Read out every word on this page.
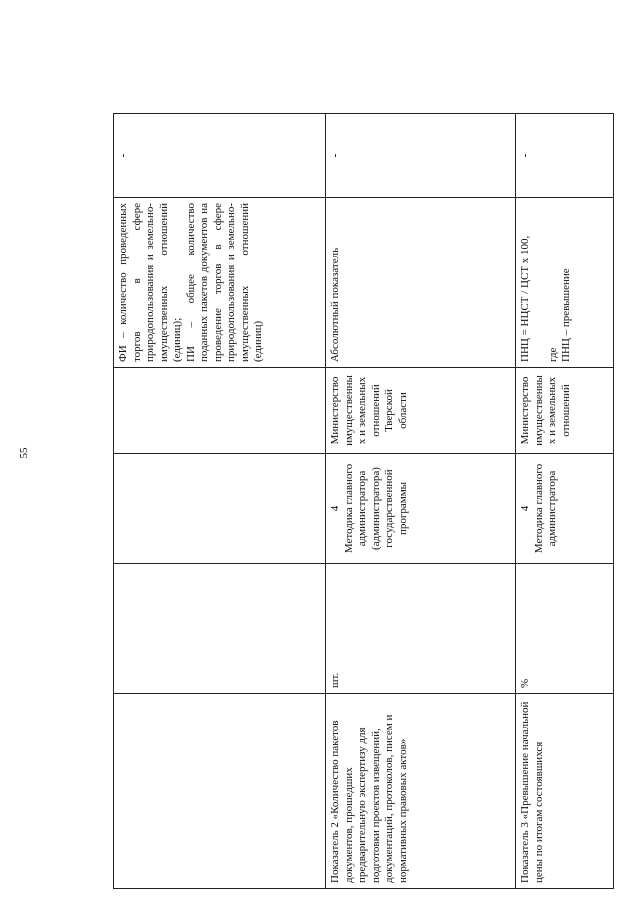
55

				ФИ – количество проведенных торгов в сфере природопользования и земельно-имущественных отношений (единиц); ПИ – общее количество поданных пакетов документов на проведение торгов в сфере природопользования и земельно-имущественных отношений (единиц)	-
Показатель 2 «Количество пакетов документов, прошедших предварительную экспертизу для подготовки проектов извещений, документаций, протоколов, писем и нормативных правовых актов»	шт.	4 Методика главного администратора (администратора) государственной программы	Министерство имущественных и земельных отношений Тверской области	Абсолютный показатель	-
Показатель 3 «Превышение начальной цены по итогам состоявшихся	%	4 Методика главного администратора	Министерство имущественных и земельных отношений	ПНЦ = НЦСТ / ЦСТ x 100, где ПНЦ – превышение	-
